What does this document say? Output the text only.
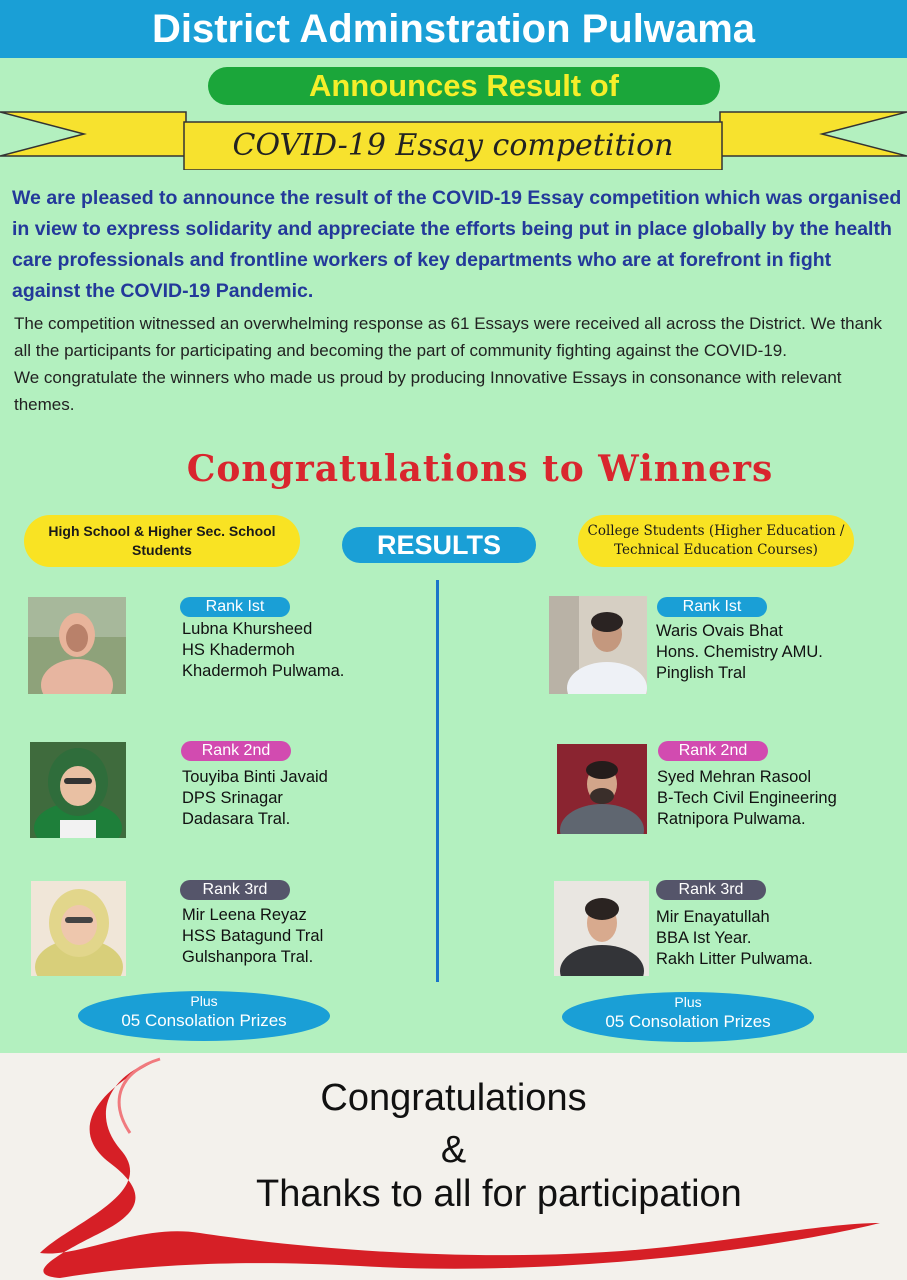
District Adminstration Pulwama
Announces Result of
COVID-19 Essay competition
We are pleased to announce the result of the COVID-19 Essay competition which was organised in view to express solidarity and appreciate the efforts being put in place globally by the health care professionals and frontline workers of key departments who are at forefront in fight against the COVID-19 Pandemic.

The competition witnessed an overwhelming response as 61 Essays were received all across the District. We thank all the participants for participating and becoming the part of community fighting against the COVID-19.

We congratulate the winners who made us proud by producing Innovative Essays in consonance with relevant themes.

Congratulations to Winners
High School & Higher Sec. School Students	RESULTS	College Students (Higher Education / Technical Education Courses)
Rank Ist
Lubna Khursheed
HS Khadermoh
Khadermoh Pulwama.
Rank 2nd
Touyiba Binti Javaid
DPS Srinagar
Dadasara Tral.
Rank 3rd
Mir Leena Reyaz
HSS Batagund Tral
Gulshanpora Tral.
Plus
05 Consolation Prizes
Rank Ist
Waris Ovais Bhat
Hons. Chemistry AMU.
Pinglish Tral
Rank 2nd
Syed Mehran Rasool
B-Tech Civil Engineering
Ratnipora Pulwama.
Rank 3rd
Mir Enayatullah
BBA Ist Year.
Rakh Litter Pulwama.
Plus
05 Consolation Prizes
Congratulations
&
Thanks to all for participation
